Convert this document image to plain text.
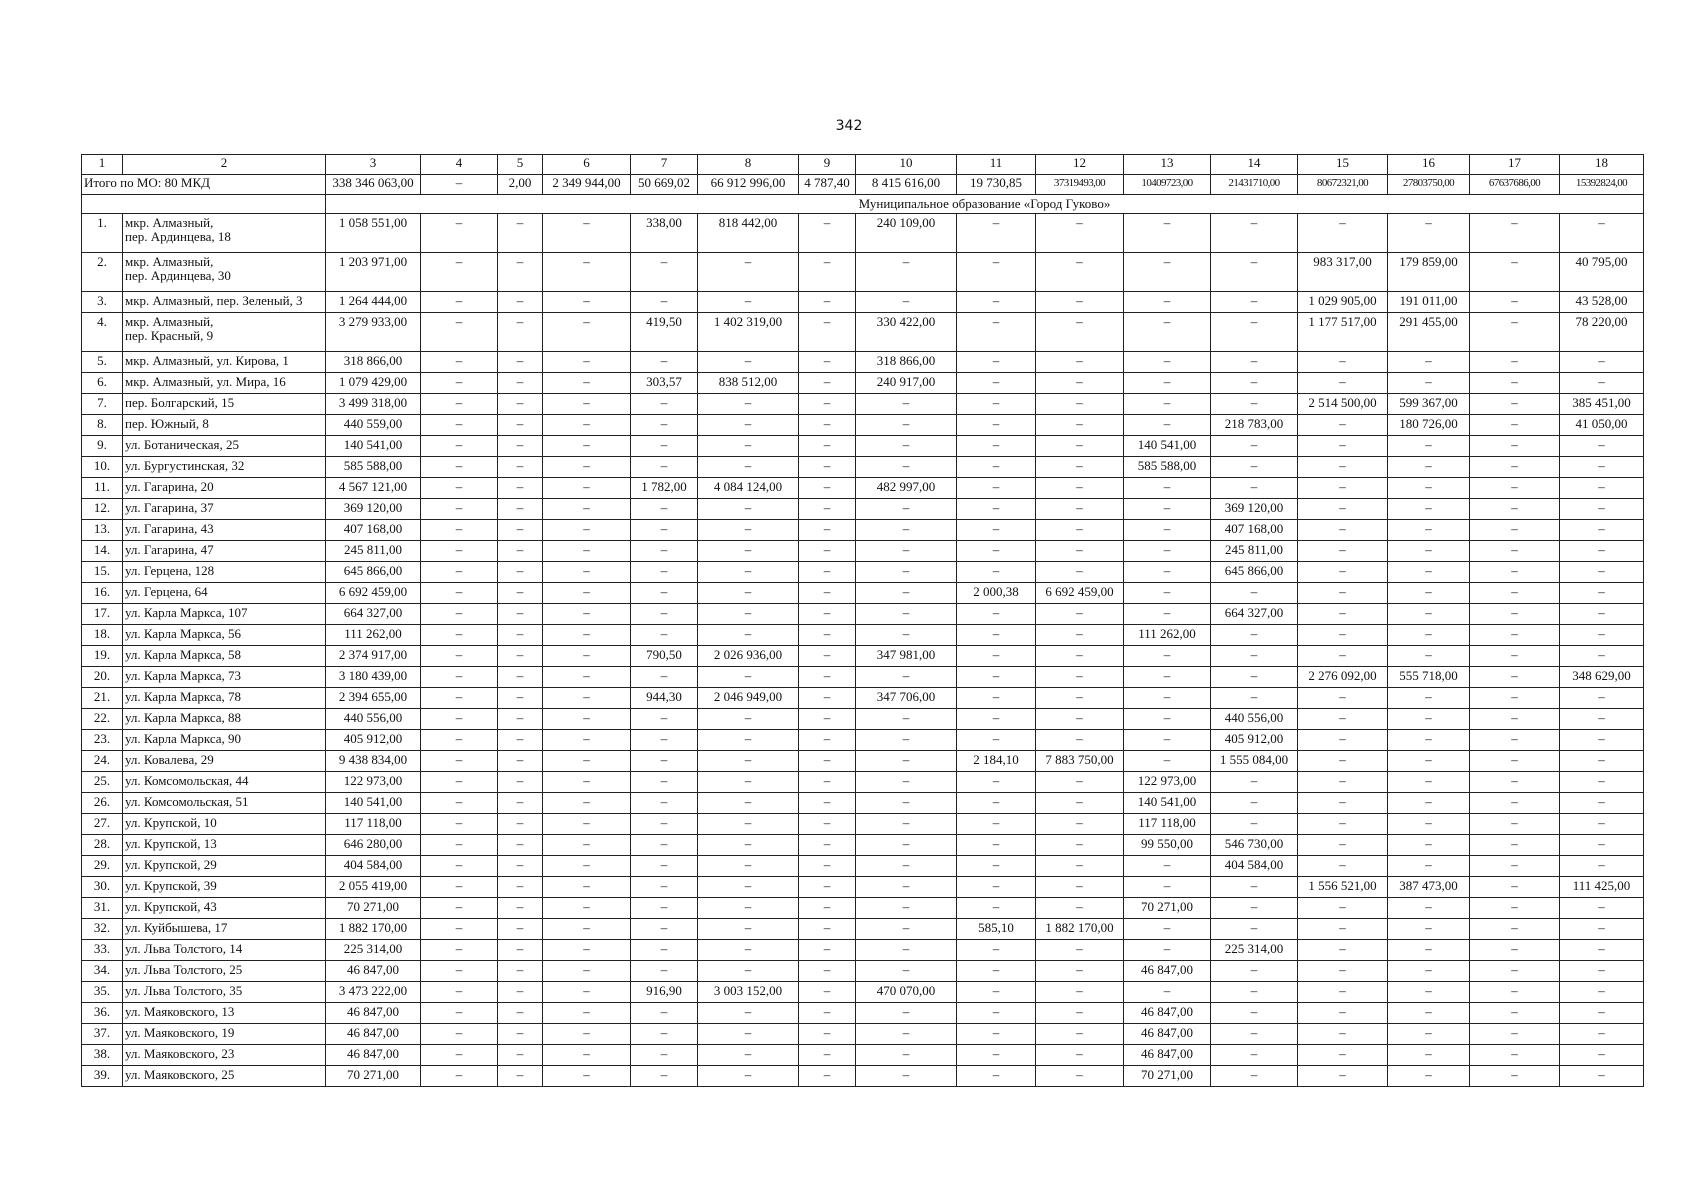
342
1	2	3	4	5	6	7	8	9	10	11	12	13	14	15	16	17	18
Итого по МО: 80 МКД		338 346 063,00	–	2,00	2 349 944,00	50 669,02	66 912 996,00	4 787,40	8 415 616,00	19 730,85	37319493,00	10409723,00	21431710,00	80672321,00	27803750,00	67637686,00	15392824,00
		Муниципальное образование «Город Гуково»															
1.	мкр. Алмазный,
пер. Ардинцева, 18	1 058 551,00	–	–	–	338,00	818 442,00	–	240 109,00	–	–	–	–	–	–	–	–
2.	мкр. Алмазный,
пер. Ардинцева, 30	1 203 971,00	–	–	–	–	–	–	–	–	–	–	–	983 317,00	179 859,00	–	40 795,00
3.	мкр. Алмазный, пер. Зеленый, 3	1 264 444,00	–	–	–	–	–	–	–	–	–	–	–	1 029 905,00	191 011,00	–	43 528,00
4.	мкр. Алмазный,
пер. Красный, 9	3 279 933,00	–	–	–	419,50	1 402 319,00	–	330 422,00	–	–	–	–	1 177 517,00	291 455,00	–	78 220,00
5.	мкр. Алмазный, ул. Кирова, 1	318 866,00	–	–	–	–	–	–	318 866,00	–	–	–	–	–	–	–	–
6.	мкр. Алмазный, ул. Мира, 16	1 079 429,00	–	–	–	303,57	838 512,00	–	240 917,00	–	–	–	–	–	–	–	–
7.	пер. Болгарский, 15	3 499 318,00	–	–	–	–	–	–	–	–	–	–	–	2 514 500,00	599 367,00	–	385 451,00
8.	пер. Южный, 8	440 559,00	–	–	–	–	–	–	–	–	–	–	218 783,00	–	180 726,00	–	41 050,00
9.	ул. Ботаническая, 25	140 541,00	–	–	–	–	–	–	–	–	–	140 541,00	–	–	–	–	–
10.	ул. Бургустинская, 32	585 588,00	–	–	–	–	–	–	–	–	–	585 588,00	–	–	–	–	–
11.	ул. Гагарина, 20	4 567 121,00	–	–	–	1 782,00	4 084 124,00	–	482 997,00	–	–	–	–	–	–	–	–
12.	ул. Гагарина, 37	369 120,00	–	–	–	–	–	–	–	–	–	–	369 120,00	–	–	–	–
13.	ул. Гагарина, 43	407 168,00	–	–	–	–	–	–	–	–	–	–	407 168,00	–	–	–	–
14.	ул. Гагарина, 47	245 811,00	–	–	–	–	–	–	–	–	–	–	245 811,00	–	–	–	–
15.	ул. Герцена, 128	645 866,00	–	–	–	–	–	–	–	–	–	–	645 866,00	–	–	–	–
16.	ул. Герцена, 64	6 692 459,00	–	–	–	–	–	–	–	2 000,38	6 692 459,00	–	–	–	–	–	–
17.	ул. Карла Маркса, 107	664 327,00	–	–	–	–	–	–	–	–	–	–	664 327,00	–	–	–	–
18.	ул. Карла Маркса, 56	111 262,00	–	–	–	–	–	–	–	–	–	111 262,00	–	–	–	–	–
19.	ул. Карла Маркса, 58	2 374 917,00	–	–	–	790,50	2 026 936,00	–	347 981,00	–	–	–	–	–	–	–	–
20.	ул. Карла Маркса, 73	3 180 439,00	–	–	–	–	–	–	–	–	–	–	–	2 276 092,00	555 718,00	–	348 629,00
21.	ул. Карла Маркса, 78	2 394 655,00	–	–	–	944,30	2 046 949,00	–	347 706,00	–	–	–	–	–	–	–	–
22.	ул. Карла Маркса, 88	440 556,00	–	–	–	–	–	–	–	–	–	–	440 556,00	–	–	–	–
23.	ул. Карла Маркса, 90	405 912,00	–	–	–	–	–	–	–	–	–	–	405 912,00	–	–	–	–
24.	ул. Ковалева, 29	9 438 834,00	–	–	–	–	–	–	–	2 184,10	7 883 750,00	–	1 555 084,00	–	–	–	–
25.	ул. Комсомольская, 44	122 973,00	–	–	–	–	–	–	–	–	–	122 973,00	–	–	–	–	–
26.	ул. Комсомольская, 51	140 541,00	–	–	–	–	–	–	–	–	–	140 541,00	–	–	–	–	–
27.	ул. Крупской, 10	117 118,00	–	–	–	–	–	–	–	–	–	117 118,00	–	–	–	–	–
28.	ул. Крупской, 13	646 280,00	–	–	–	–	–	–	–	–	–	99 550,00	546 730,00	–	–	–	–
29.	ул. Крупской, 29	404 584,00	–	–	–	–	–	–	–	–	–	–	404 584,00	–	–	–	–
30.	ул. Крупской, 39	2 055 419,00	–	–	–	–	–	–	–	–	–	–	–	1 556 521,00	387 473,00	–	111 425,00
31.	ул. Крупской, 43	70 271,00	–	–	–	–	–	–	–	–	–	70 271,00	–	–	–	–	–
32.	ул. Куйбышева, 17	1 882 170,00	–	–	–	–	–	–	–	585,10	1 882 170,00	–	–	–	–	–	–
33.	ул. Льва Толстого, 14	225 314,00	–	–	–	–	–	–	–	–	–	–	225 314,00	–	–	–	–
34.	ул. Льва Толстого, 25	46 847,00	–	–	–	–	–	–	–	–	–	46 847,00	–	–	–	–	–
35.	ул. Льва Толстого, 35	3 473 222,00	–	–	–	916,90	3 003 152,00	–	470 070,00	–	–	–	–	–	–	–	–
36.	ул. Маяковского, 13	46 847,00	–	–	–	–	–	–	–	–	–	46 847,00	–	–	–	–	–
37.	ул. Маяковского, 19	46 847,00	–	–	–	–	–	–	–	–	–	46 847,00	–	–	–	–	–
38.	ул. Маяковского, 23	46 847,00	–	–	–	–	–	–	–	–	–	46 847,00	–	–	–	–	–
39.	ул. Маяковского, 25	70 271,00	–	–	–	–	–	–	–	–	–	70 271,00	–	–	–	–	–
